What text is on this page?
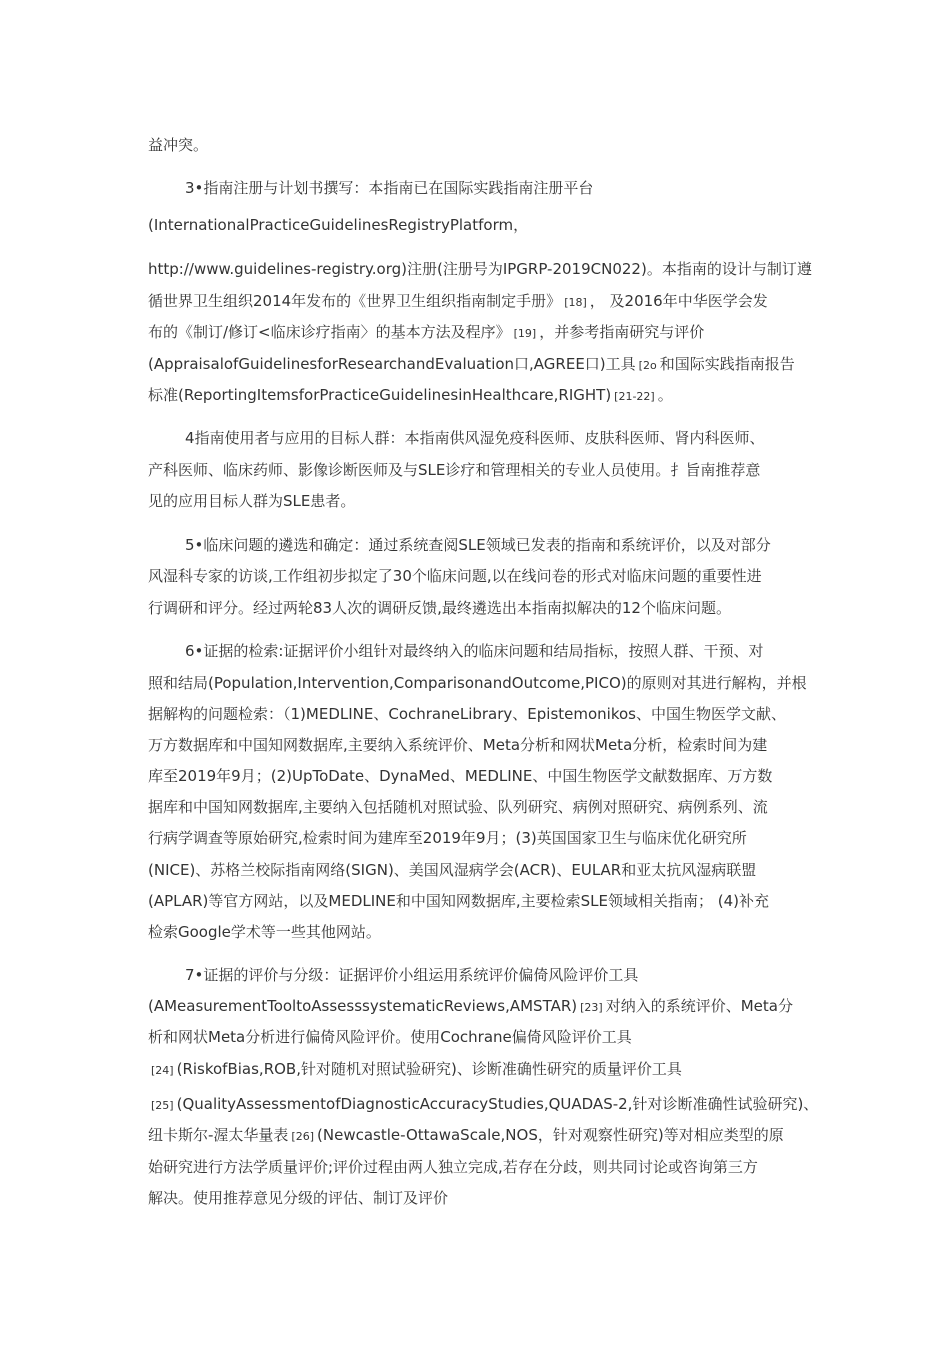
益冲突。
3•指南注册与计划书撰写：本指南已在国际实践指南注册平台
(InternationalPracticeGuidelinesRegistryPlatform，
http://www.guidelines-registry.org)注册(注册号为IPGRP-2019CN022)。本指南的设计与制订遵
循世界卫生组织2014年发布的《世界卫生组织指南制定手册》 [18] ， 及2016年中华医学会发
布的《制订/修订<临床诊疗指南〉的基本方法及程序》 [19] ，并参考指南研究与评价
(AppraisalofGuidelinesforResearchandEvaluation口,AGREE口)工具 [2o 和国际实践指南报告
标准(ReportingItemsforPracticeGuidelinesinHealthcare,RIGHT) [21-22] 。
4指南使用者与应用的目标人群：本指南供风湿免疫科医师、皮肤科医师、肾内科医师、
产科医师、临床药师、影像诊断医师及与SLE诊疗和管理相关的专业人员使用。扌旨南推荐意
见的应用目标人群为SLE患者。
5•临床问题的遴选和确定：通过系统查阅SLE领域已发表的指南和系统评价，以及对部分
风湿科专家的访谈,工作组初步拟定了30个临床问题,以在线问卷的形式对临床问题的重要性进
行调研和评分。经过两轮83人次的调研反馈,最终遴选出本指南拟解决的12个临床问题。
6•证据的检索:证据评价小组针对最终纳入的临床问题和结局指标，按照人群、干预、对
照和结局(Population,Intervention,ComparisonandOutcome,PICO)的原则对其进行解构，并根
据解构的问题检索：（1)MEDLINE、CochraneLibrary、Epistemonikos、中国生物医学文献、
万方数据库和中国知网数据库,主要纳入系统评价、Meta分析和网状Meta分析，检索时间为建
库至2019年9月；(2)UpToDate、DynaMed、MEDLINE、中国生物医学文献数据库、万方数
据库和中国知网数据库,主要纳入包括随机对照试验、队列研究、病例对照研究、病例系列、流
行病学调查等原始研究,检索时间为建库至2019年9月；(3)英国国家卫生与临床优化研究所
(NICE)、苏格兰校际指南网络(SIGN)、美国风湿病学会(ACR)、EULAR和亚太抗风湿病联盟
(APLAR)等官方网站，以及MEDLINE和中国知网数据库,主要检索SLE领域相关指南； (4)补充
检索Google学术等一些其他网站。
7•证据的评价与分级：证据评价小组运用系统评价偏倚风险评价工具
(AMeasurementTooltoAssesssystematicReviews,AMSTAR) [23] 对纳入的系统评价、Meta分
析和网状Meta分析进行偏倚风险评价。使用Cochrane偏倚风险评价工具
[24] (RiskofBias,ROB,针对随机对照试验研究)、诊断准确性研究的质量评价工具
[25] (QualityAssessmentofDiagnosticAccuracyStudies,QUADAS-2,针对诊断准确性试验研究)、
纽卡斯尔-渥太华量表 [26] (Newcastle-OttawaScale,NOS，针对观察性研究)等对相应类型的原
始研究进行方法学质量评价;评价过程由两人独立完成,若存在分歧，则共同讨论或咨询第三方
解决。使用推荐意见分级的评估、制订及评价
